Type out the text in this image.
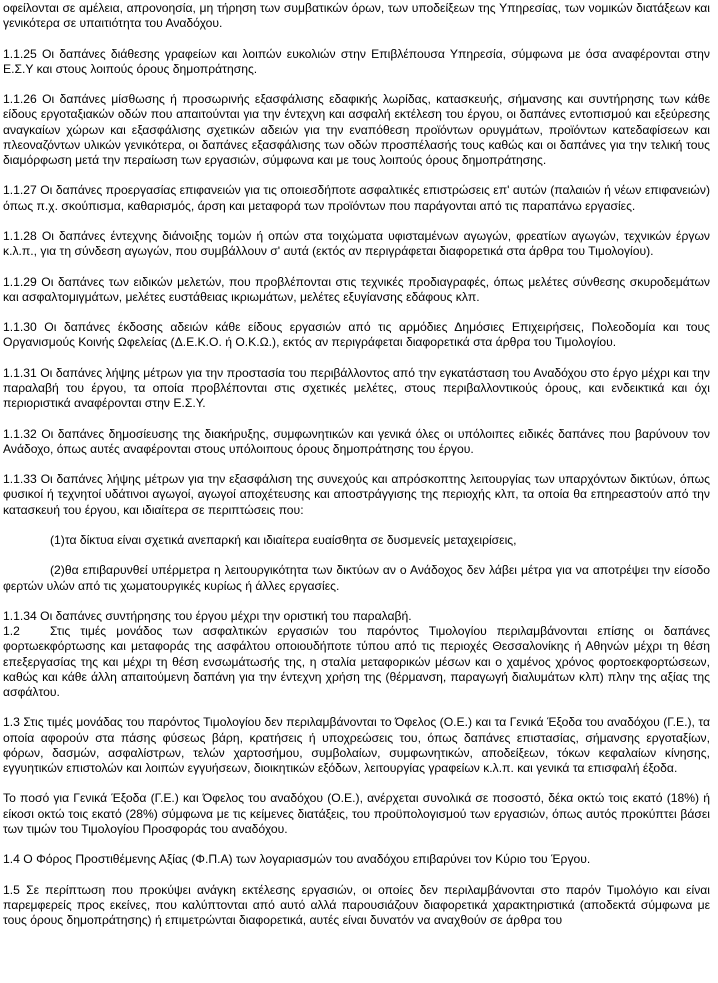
οφείλονται σε αμέλεια, απρονοησία, μη τήρηση των συμβατικών όρων, των υποδείξεων της Υπηρεσίας, των νομικών διατάξεων και γενικότερα σε υπαιτιότητα του Αναδόχου.

1.1.25 Οι δαπάνες διάθεσης γραφείων και λοιπών ευκολιών στην Επιβλέπουσα Υπηρεσία, σύμφωνα με όσα αναφέρονται στην Ε.Σ.Υ και στους λοιπούς όρους δημοπράτησης.

1.1.26 Οι δαπάνες μίσθωσης ή προσωρινής εξασφάλισης εδαφικής λωρίδας, κατασκευής, σήμανσης και συντήρησης των κάθε είδους εργοταξιακών οδών που απαιτούνται για την έντεχνη και ασφαλή εκτέλεση του έργου, οι δαπάνες εντοπισμού και εξεύρεσης αναγκαίων χώρων και εξασφάλισης σχετικών αδειών για την εναπόθεση προϊόντων ορυγμάτων, προϊόντων κατεδαφίσεων και πλεοναζόντων υλικών γενικότερα, οι δαπάνες εξασφάλισης των οδών προσπέλασής τους καθώς και οι δαπάνες για την τελική τους διαμόρφωση μετά την περαίωση των εργασιών, σύμφωνα και με τους λοιπούς όρους δημοπράτησης.

1.1.27 Οι δαπάνες προεργασίας επιφανειών για τις οποιεσδήποτε ασφαλτικές επιστρώσεις επ' αυτών (παλαιών ή νέων επιφανειών) όπως π.χ. σκούπισμα, καθαρισμός, άρση και μεταφορά των προϊόντων που παράγονται από τις παραπάνω εργασίες.

1.1.28 Οι δαπάνες έντεχνης διάνοιξης τομών ή οπών στα τοιχώματα υφισταμένων αγωγών, φρεατίων αγωγών, τεχνικών έργων κ.λ.π., για τη σύνδεση αγωγών, που συμβάλλουν σ' αυτά (εκτός αν περιγράφεται διαφορετικά στα άρθρα του Τιμολογίου).

1.1.29 Οι δαπάνες των ειδικών μελετών, που προβλέπονται στις τεχνικές προδιαγραφές, όπως μελέτες σύνθεσης σκυροδεμάτων και ασφαλτομιγμάτων, μελέτες ευστάθειας ικριωμάτων, μελέτες εξυγίανσης εδάφους κλπ.

1.1.30 Οι δαπάνες έκδοσης αδειών κάθε είδους εργασιών από τις αρμόδιες Δημόσιες Επιχειρήσεις, Πολεοδομία και τους Οργανισμούς Κοινής Ωφελείας (Δ.Ε.Κ.Ο. ή Ο.Κ.Ω.), εκτός αν περιγράφεται διαφορετικά στα άρθρα του Τιμολογίου.

1.1.31 Οι δαπάνες λήψης μέτρων για την προστασία του περιβάλλοντος από την εγκατάσταση του Αναδόχου στο έργο μέχρι και την παραλαβή του έργου, τα οποία προβλέπονται στις σχετικές μελέτες, στους περιβαλλοντικούς όρους, και ενδεικτικά και όχι περιοριστικά αναφέρονται στην Ε.Σ.Υ.

1.1.32 Οι δαπάνες δημοσίευσης της διακήρυξης, συμφωνητικών και γενικά όλες οι υπόλοιπες ειδικές δαπάνες που βαρύνουν τον Ανάδοχο, όπως αυτές αναφέρονται στους υπόλοιπους όρους δημοπράτησης του έργου.

1.1.33 Οι δαπάνες λήψης μέτρων για την εξασφάλιση της συνεχούς και απρόσκοπτης λειτουργίας των υπαρχόντων δικτύων, όπως φυσικοί ή τεχνητοί υδάτινοι αγωγοί, αγωγοί αποχέτευσης και αποστράγγισης της περιοχής κλπ, τα οποία θα επηρεαστούν από την κατασκευή του έργου, και ιδιαίτερα σε περιπτώσεις που:

(1)τα δίκτυα είναι σχετικά ανεπαρκή και ιδιαίτερα ευαίσθητα σε δυσμενείς μεταχειρίσεις,

(2)θα επιβαρυνθεί υπέρμετρα η λειτουργικότητα των δικτύων αν ο Ανάδοχος δεν λάβει μέτρα για να αποτρέψει την είσοδο φερτών υλών από τις χωματουργικές κυρίως ή άλλες εργασίες.

1.1.34 Οι δαπάνες συντήρησης του έργου μέχρι την οριστική του παραλαβή.

1.2 Στις τιμές μονάδος των ασφαλτικών εργασιών του παρόντος Τιμολογίου περιλαμβάνονται επίσης οι δαπάνες φορτωεκφόρτωσης και μεταφοράς της ασφάλτου οποιουδήποτε τύπου από τις περιοχές Θεσσαλονίκης ή Αθηνών μέχρι τη θέση επεξεργασίας της και μέχρι τη θέση ενσωμάτωσής της, η σταλία μεταφορικών μέσων και ο χαμένος χρόνος φορτοεκφορτώσεων, καθώς και κάθε άλλη απαιτούμενη δαπάνη για την έντεχνη χρήση της (θέρμανση, παραγωγή διαλυμάτων κλπ) πλην της αξίας της ασφάλτου.

1.3 Στις τιμές μονάδας του παρόντος Τιμολογίου δεν περιλαμβάνονται το Όφελος (Ο.Ε.) και τα Γενικά Έξοδα του αναδόχου (Γ.Ε.), τα οποία αφορούν στα πάσης φύσεως βάρη, κρατήσεις ή υποχρεώσεις του, όπως δαπάνες επιστασίας, σήμανσης εργοταξίων, φόρων, δασμών, ασφαλίστρων, τελών χαρτοσήμου, συμβολαίων, συμφωνητικών, αποδείξεων, τόκων κεφαλαίων κίνησης, εγγυητικών επιστολών και λοιπών εγγυήσεων, διοικητικών εξόδων, λειτουργίας γραφείων κ.λ.π. και γενικά τα επισφαλή έξοδα.

Το ποσό για Γενικά Έξοδα (Γ.Ε.) και Όφελος του αναδόχου (Ο.Ε.), ανέρχεται συνολικά σε ποσοστό, δέκα οκτώ τοις εκατό (18%) ή είκοσι οκτώ τοις εκατό (28%) σύμφωνα με τις κείμενες διατάξεις, του προϋπολογισμού των εργασιών, όπως αυτός προκύπτει βάσει των τιμών του Τιμολογίου Προσφοράς του αναδόχου.

1.4 Ο Φόρος Προστιθέμενης Αξίας (Φ.Π.Α) των λογαριασμών του αναδόχου επιβαρύνει τον Κύριο του Έργου.

1.5 Σε περίπτωση που προκύψει ανάγκη εκτέλεσης εργασιών, οι οποίες δεν περιλαμβάνονται στο παρόν Τιμολόγιο και είναι παρεμφερείς προς εκείνες, που καλύπτονται από αυτό αλλά παρουσιάζουν διαφορετικά χαρακτηριστικά (αποδεκτά σύμφωνα με τους όρους δημοπράτησης) ή επιμετρώνται διαφορετικά, αυτές είναι δυνατόν να αναχθούν σε άρθρα του
